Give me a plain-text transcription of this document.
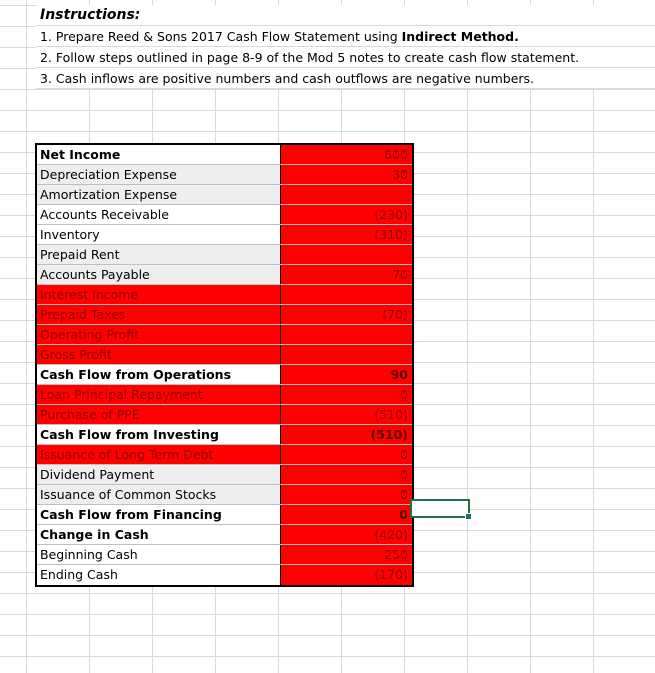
Instructions:
1. Prepare Reed & Sons 2017 Cash Flow Statement using Indirect Method.
2. Follow steps outlined in page 8-9 of the Mod 5 notes to create cash flow statement.
3. Cash inflows are positive numbers and cash outflows are negative numbers.
Net Income	600
Depreciation Expense	30
Amortization Expense
Accounts Receivable	(230)
Inventory	(310)
Prepaid Rent
Accounts Payable	70
Interest Income
Prepaid Taxes	(70)
Operating Profit
Gross Profit
Cash Flow from Operations	90
Loan Principal Repayment	0
Purchase of PPE	(510)
Cash Flow from Investing	(510)
Issuance of Long Term Debt	0
Dividend Payment	0
Issuance of Common Stocks	0
Cash Flow from Financing	0
Change in Cash	(420)
Beginning Cash	250
Ending Cash	(170)
